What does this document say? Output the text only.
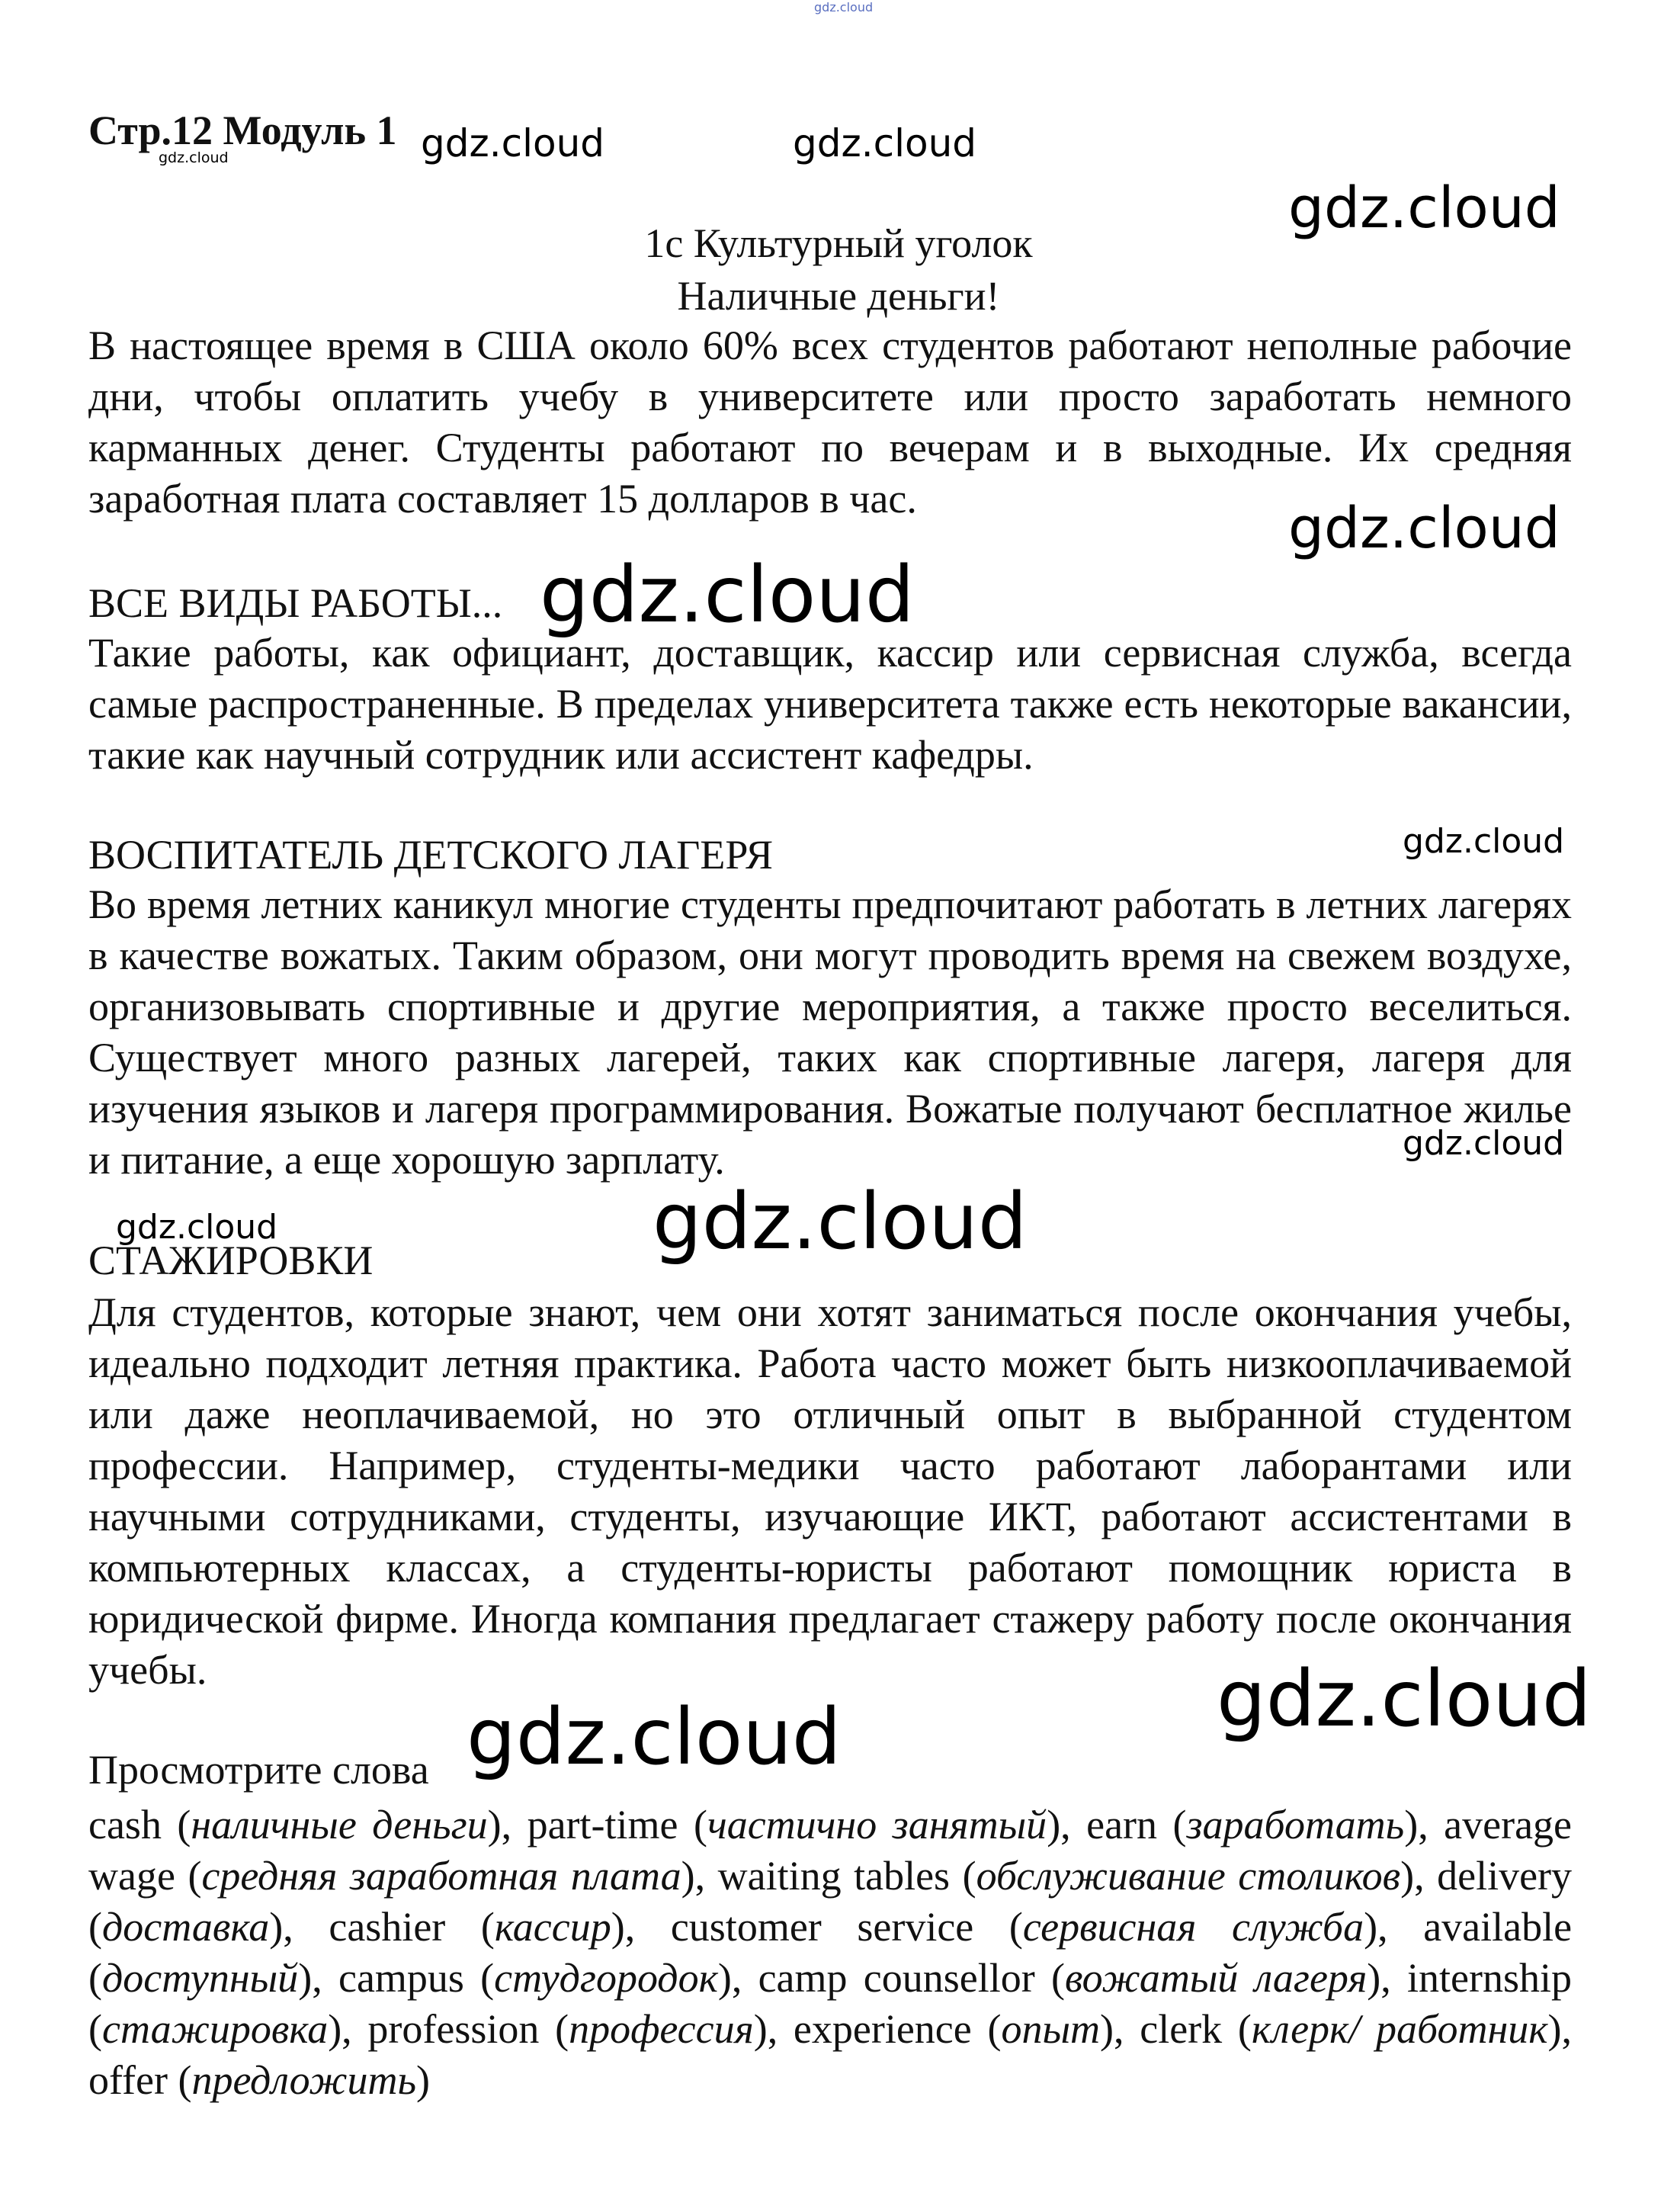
gdz.cloud
gdz.cloud	gdz.cloud	gdz.cloud
gdz.cloud
gdz.cloud
gdz.cloud
gdz.cloud
gdz.cloud
gdz.cloud	gdz.cloud
gdz.cloud
gdz.cloud
Стр.12 Модуль 1
1c Культурный уголок
Наличные деньги!
В настоящее время в США около 60% всех студентов работают неполные рабочие дни, чтобы оплатить учебу в университете или просто заработать немного карманных денег. Студенты работают по вечерам и в выходные. Их средняя заработная плата составляет 15 долларов в час.
ВСЕ ВИДЫ РАБОТЫ...
Такие работы, как официант, доставщик, кассир или сервисная служба, всегда самые распространенные. В пределах университета также есть некоторые вакансии, такие как научный сотрудник или ассистент кафедры.
ВОСПИТАТЕЛЬ ДЕТСКОГО ЛАГЕРЯ
Во время летних каникул многие студенты предпочитают работать в летних лагерях в качестве вожатых. Таким образом, они могут проводить время на свежем воздухе, организовывать спортивные и другие мероприятия, а также просто веселиться. Существует много разных лагерей, таких как спортивные лагеря, лагеря для изучения языков и лагеря программирования. Вожатые получают бесплатное жилье и питание, а еще хорошую зарплату.
СТАЖИРОВКИ
Для студентов, которые знают, чем они хотят заниматься после окончания учебы, идеально подходит летняя практика. Работа часто может быть низкооплачиваемой или даже неоплачиваемой, но это отличный опыт в выбранной студентом профессии. Например, студенты-медики часто работают лаборантами или научными сотрудниками, студенты, изучающие ИКТ, работают ассистентами в компьютерных классах, а студенты-юристы работают помощник юриста в юридической фирме. Иногда компания предлагает стажеру работу после окончания учебы.
Просмотрите слова
cash (наличные деньги), part-time (частично занятый), earn (заработать), average wage (средняя заработная плата), waiting tables (обслуживание столиков), delivery (доставка), cashier (кассир), customer service (сервисная служба), available (доступный), campus (студгородок), camp counsellor (вожатый лагеря), internship (стажировка), profession (профессия), experience (опыт), clerk (клерк/ работник), offer (предложить)
